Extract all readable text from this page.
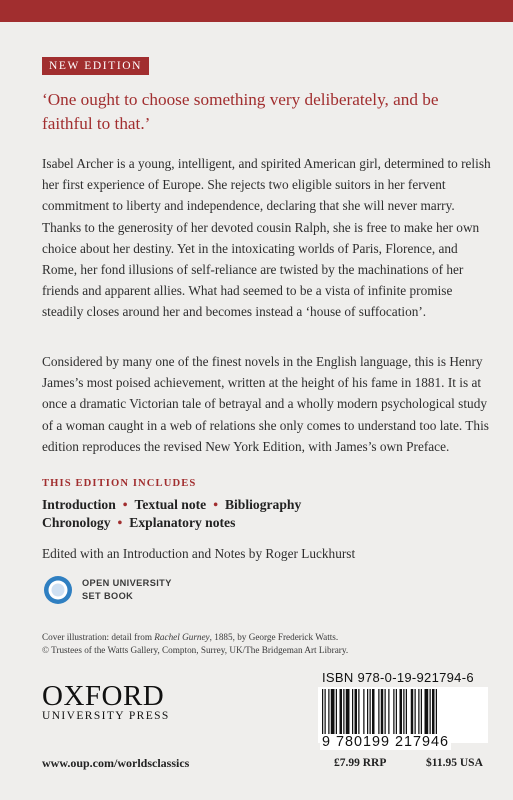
NEW EDITION

‘One ought to choose something very deliberately, and be faithful to that.’

Isabel Archer is a young, intelligent, and spirited American girl, determined to relish her first experience of Europe. She rejects two eligible suitors in her fervent commitment to liberty and independence, declaring that she will never marry. Thanks to the generosity of her devoted cousin Ralph, she is free to make her own choice about her destiny. Yet in the intoxicating worlds of Paris, Florence, and Rome, her fond illusions of self-reliance are twisted by the machinations of her friends and apparent allies. What had seemed to be a vista of infinite promise steadily closes around her and becomes instead a ‘house of suffocation’.

Considered by many one of the finest novels in the English language, this is Henry James’s most poised achievement, written at the height of his fame in 1881. It is at once a dramatic Victorian tale of betrayal and a wholly modern psychological study of a woman caught in a web of relations she only comes to understand too late. This edition reproduces the revised New York Edition, with James’s own Preface.

THIS EDITION INCLUDES
Introduction • Textual note • Bibliography
Chronology • Explanatory notes
Edited with an Introduction and Notes by Roger Luckhurst
OPEN UNIVERSITY
SET BOOK
Cover illustration: detail from Rachel Gurney, 1885, by George Frederick Watts.
© Trustees of the Watts Gallery, Compton, Surrey, UK/The Bridgeman Art Library.
OXFORD
UNIVERSITY PRESS
www.oup.com/worldsclassics
ISBN 978-0-19-921794-6
9 780199 217946
£7.99 RRP	$11.95 USA
